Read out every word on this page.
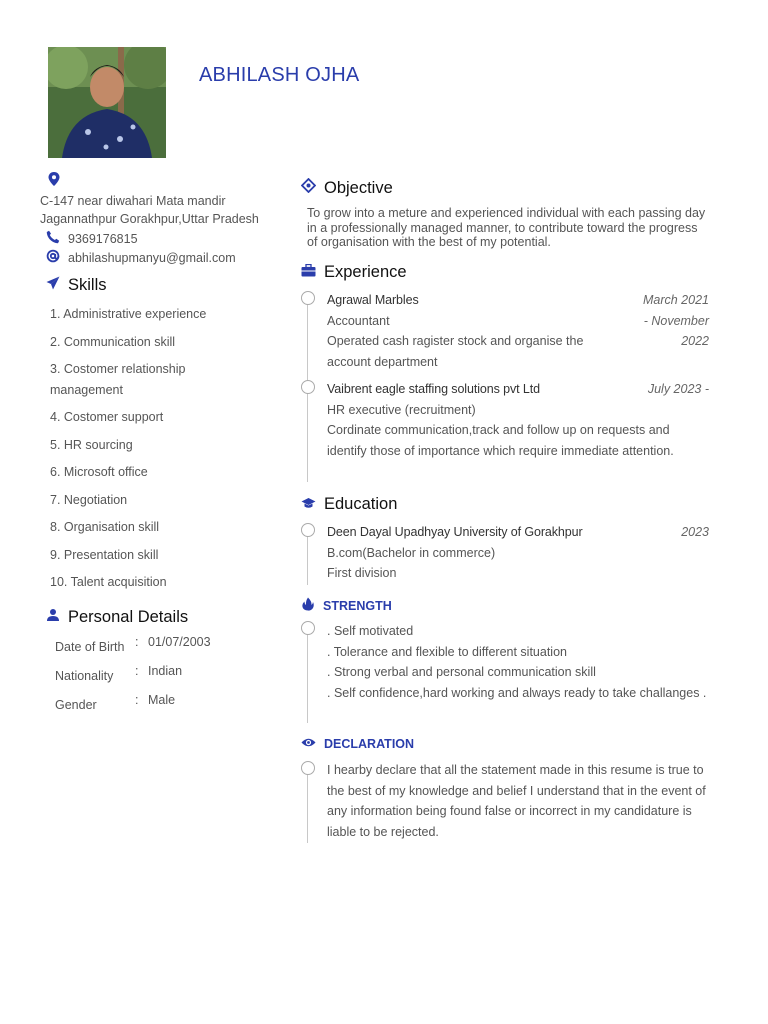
ABHILASH OJHA
C-147 near diwahari Mata mandir Jagannathpur Gorakhpur,Uttar Pradesh
9369176815
abhilashupmanyu@gmail.com
Skills
1. Administrative experience
2. Communication skill
3. Costomer relationship management
4. Costomer support
5. HR sourcing
6. Microsoft office
7. Negotiation
8. Organisation skill
9. Presentation skill
10. Talent acquisition
Personal Details
Date of Birth : 01/07/2003
Nationality	: Indian
Gender	: Male
Objective
To grow into a meture and experienced individual with each passing day in a professionally managed manner, to contribute toward the progress of organisation with the best of my potential.
Experience
Agrawal Marbles	March 2021
Accountant	- November
Operated cash ragister stock and organise the account department
2022
Vaibrent eagle staffing solutions pvt Ltd	July 2023 -

HR executive (recruitment)

Cordinate communication,track and follow up on requests and identify those of importance which require immediate attention.

Education
Deen Dayal Upadhyay University of Gorakhpur	2023

B.com(Bachelor in commerce)

First division

STRENGTH

. Self motivated

. Tolerance and flexible to different situation

. Strong verbal and personal communication skill

. Self confidence,hard working and always ready to take challanges .

DECLARATION

I hearby declare that all the statement made in this resume is true to the best of my knowledge and belief I understand that in the event of any information being found false or incorrect in my candidature is liable to be rejected.
